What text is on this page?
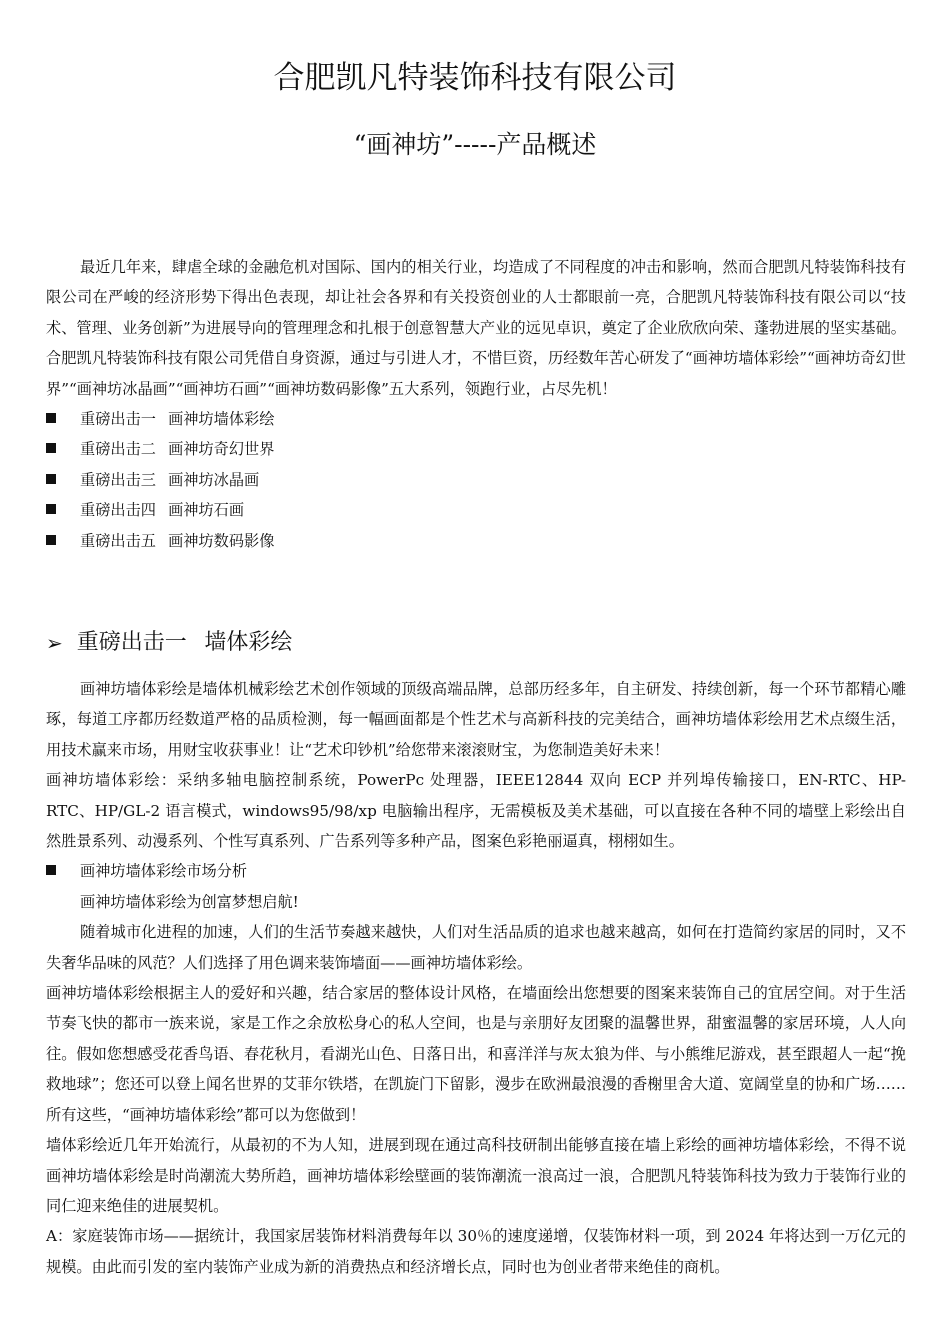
合肥凯凡特装饰科技有限公司
“画神坊”-----产品概述

最近几年来，肆虐全球的金融危机对国际、国内的相关行业，均造成了不同程度的冲击和影响，然而合肥凯凡特装饰科技有限公司在严峻的经济形势下得出色表现，却让社会各界和有关投资创业的人士都眼前一亮，合肥凯凡特装饰科技有限公司以“技术、管理、业务创新”为进展导向的管理理念和扎根于创意智慧大产业的远见卓识，奠定了企业欣欣向荣、蓬勃进展的坚实基础。合肥凯凡特装饰科技有限公司凭借自身资源，通过与引进人才，不惜巨资，历经数年苦心研发了“画神坊墙体彩绘”“画神坊奇幻世界”“画神坊冰晶画”“画神坊石画”“画神坊数码影像”五大系列，领跑行业，占尽先机！

重磅出击一 画神坊墙体彩绘
重磅出击二 画神坊奇幻世界
重磅出击三 画神坊冰晶画
重磅出击四 画神坊石画
重磅出击五 画神坊数码影像
➢ 重磅出击一 墙体彩绘

画神坊墙体彩绘是墙体机械彩绘艺术创作领域的顶级高端品牌，总部历经多年，自主研发、持续创新，每一个环节都精心雕琢，每道工序都历经数道严格的品质检测，每一幅画面都是个性艺术与高新科技的完美结合，画神坊墙体彩绘用艺术点缀生活，用技术赢来市场，用财宝收获事业！让“艺术印钞机”给您带来滚滚财宝，为您制造美好未来！

画神坊墙体彩绘：采纳多轴电脑控制系统，PowerPc 处理器，IEEE12844 双向 ECP 并列埠传输接口，EN-RTC、HP-RTC、HP/GL-2 语言模式，windows95/98/xp 电脑输出程序，无需模板及美术基础，可以直接在各种不同的墙壁上彩绘出自然胜景系列、动漫系列、个性写真系列、广告系列等多种产品，图案色彩艳丽逼真，栩栩如生。

画神坊墙体彩绘市场分析

画神坊墙体彩绘为创富梦想启航!

随着城市化进程的加速，人们的生活节奏越来越快，人们对生活品质的追求也越来越高，如何在打造简约家居的同时，又不失奢华品味的风范？人们选择了用色调来装饰墙面——画神坊墙体彩绘。

画神坊墙体彩绘根据主人的爱好和兴趣，结合家居的整体设计风格，在墙面绘出您想要的图案来装饰自己的宜居空间。对于生活节奏飞快的都市一族来说，家是工作之余放松身心的私人空间，也是与亲朋好友团聚的温馨世界，甜蜜温馨的家居环境，人人向往。假如您想感受花香鸟语、春花秋月，看湖光山色、日落日出，和喜洋洋与灰太狼为伴、与小熊维尼游戏，甚至跟超人一起“挽救地球”；您还可以登上闻名世界的艾菲尔铁塔，在凯旋门下留影，漫步在欧洲最浪漫的香榭里舍大道、宽阔堂皇的协和广场……所有这些，“画神坊墙体彩绘”都可以为您做到！

墙体彩绘近几年开始流行，从最初的不为人知，进展到现在通过高科技研制出能够直接在墙上彩绘的画神坊墙体彩绘，不得不说画神坊墙体彩绘是时尚潮流大势所趋，画神坊墙体彩绘壁画的装饰潮流一浪高过一浪，合肥凯凡特装饰科技为致力于装饰行业的同仁迎来绝佳的进展契机。

A：家庭装饰市场——据统计，我国家居装饰材料消费每年以 30％的速度递增，仅装饰材料一项，到 2024 年将达到一万亿元的规模。由此而引发的室内装饰产业成为新的消费热点和经济增长点，同时也为创业者带来绝佳的商机。
